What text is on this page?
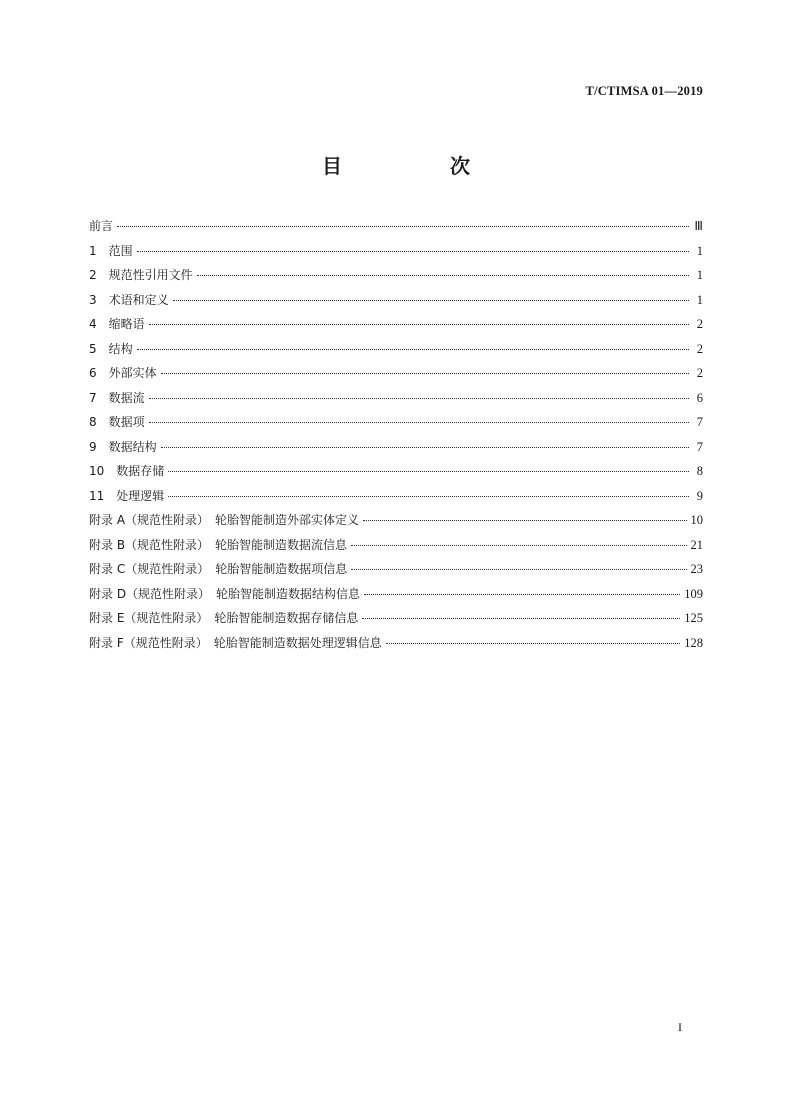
T/CTIMSA 01—2019
目　次
前言	Ⅲ
1　范围	1
2　规范性引用文件	1
3　术语和定义	1
4　缩略语	2
5　结构	2
6　外部实体	2
7　数据流	6
8　数据项	7
9　数据结构	7
10　数据存储	8
11　处理逻辑	9
附录 A（规范性附录）　轮胎智能制造外部实体定义	10
附录 B（规范性附录）　轮胎智能制造数据流信息	21
附录 C（规范性附录）　轮胎智能制造数据项信息	23
附录 D（规范性附录）　轮胎智能制造数据结构信息	109
附录 E（规范性附录）　轮胎智能制造数据存储信息	125
附录 F（规范性附录）　轮胎智能制造数据处理逻辑信息	128
I
